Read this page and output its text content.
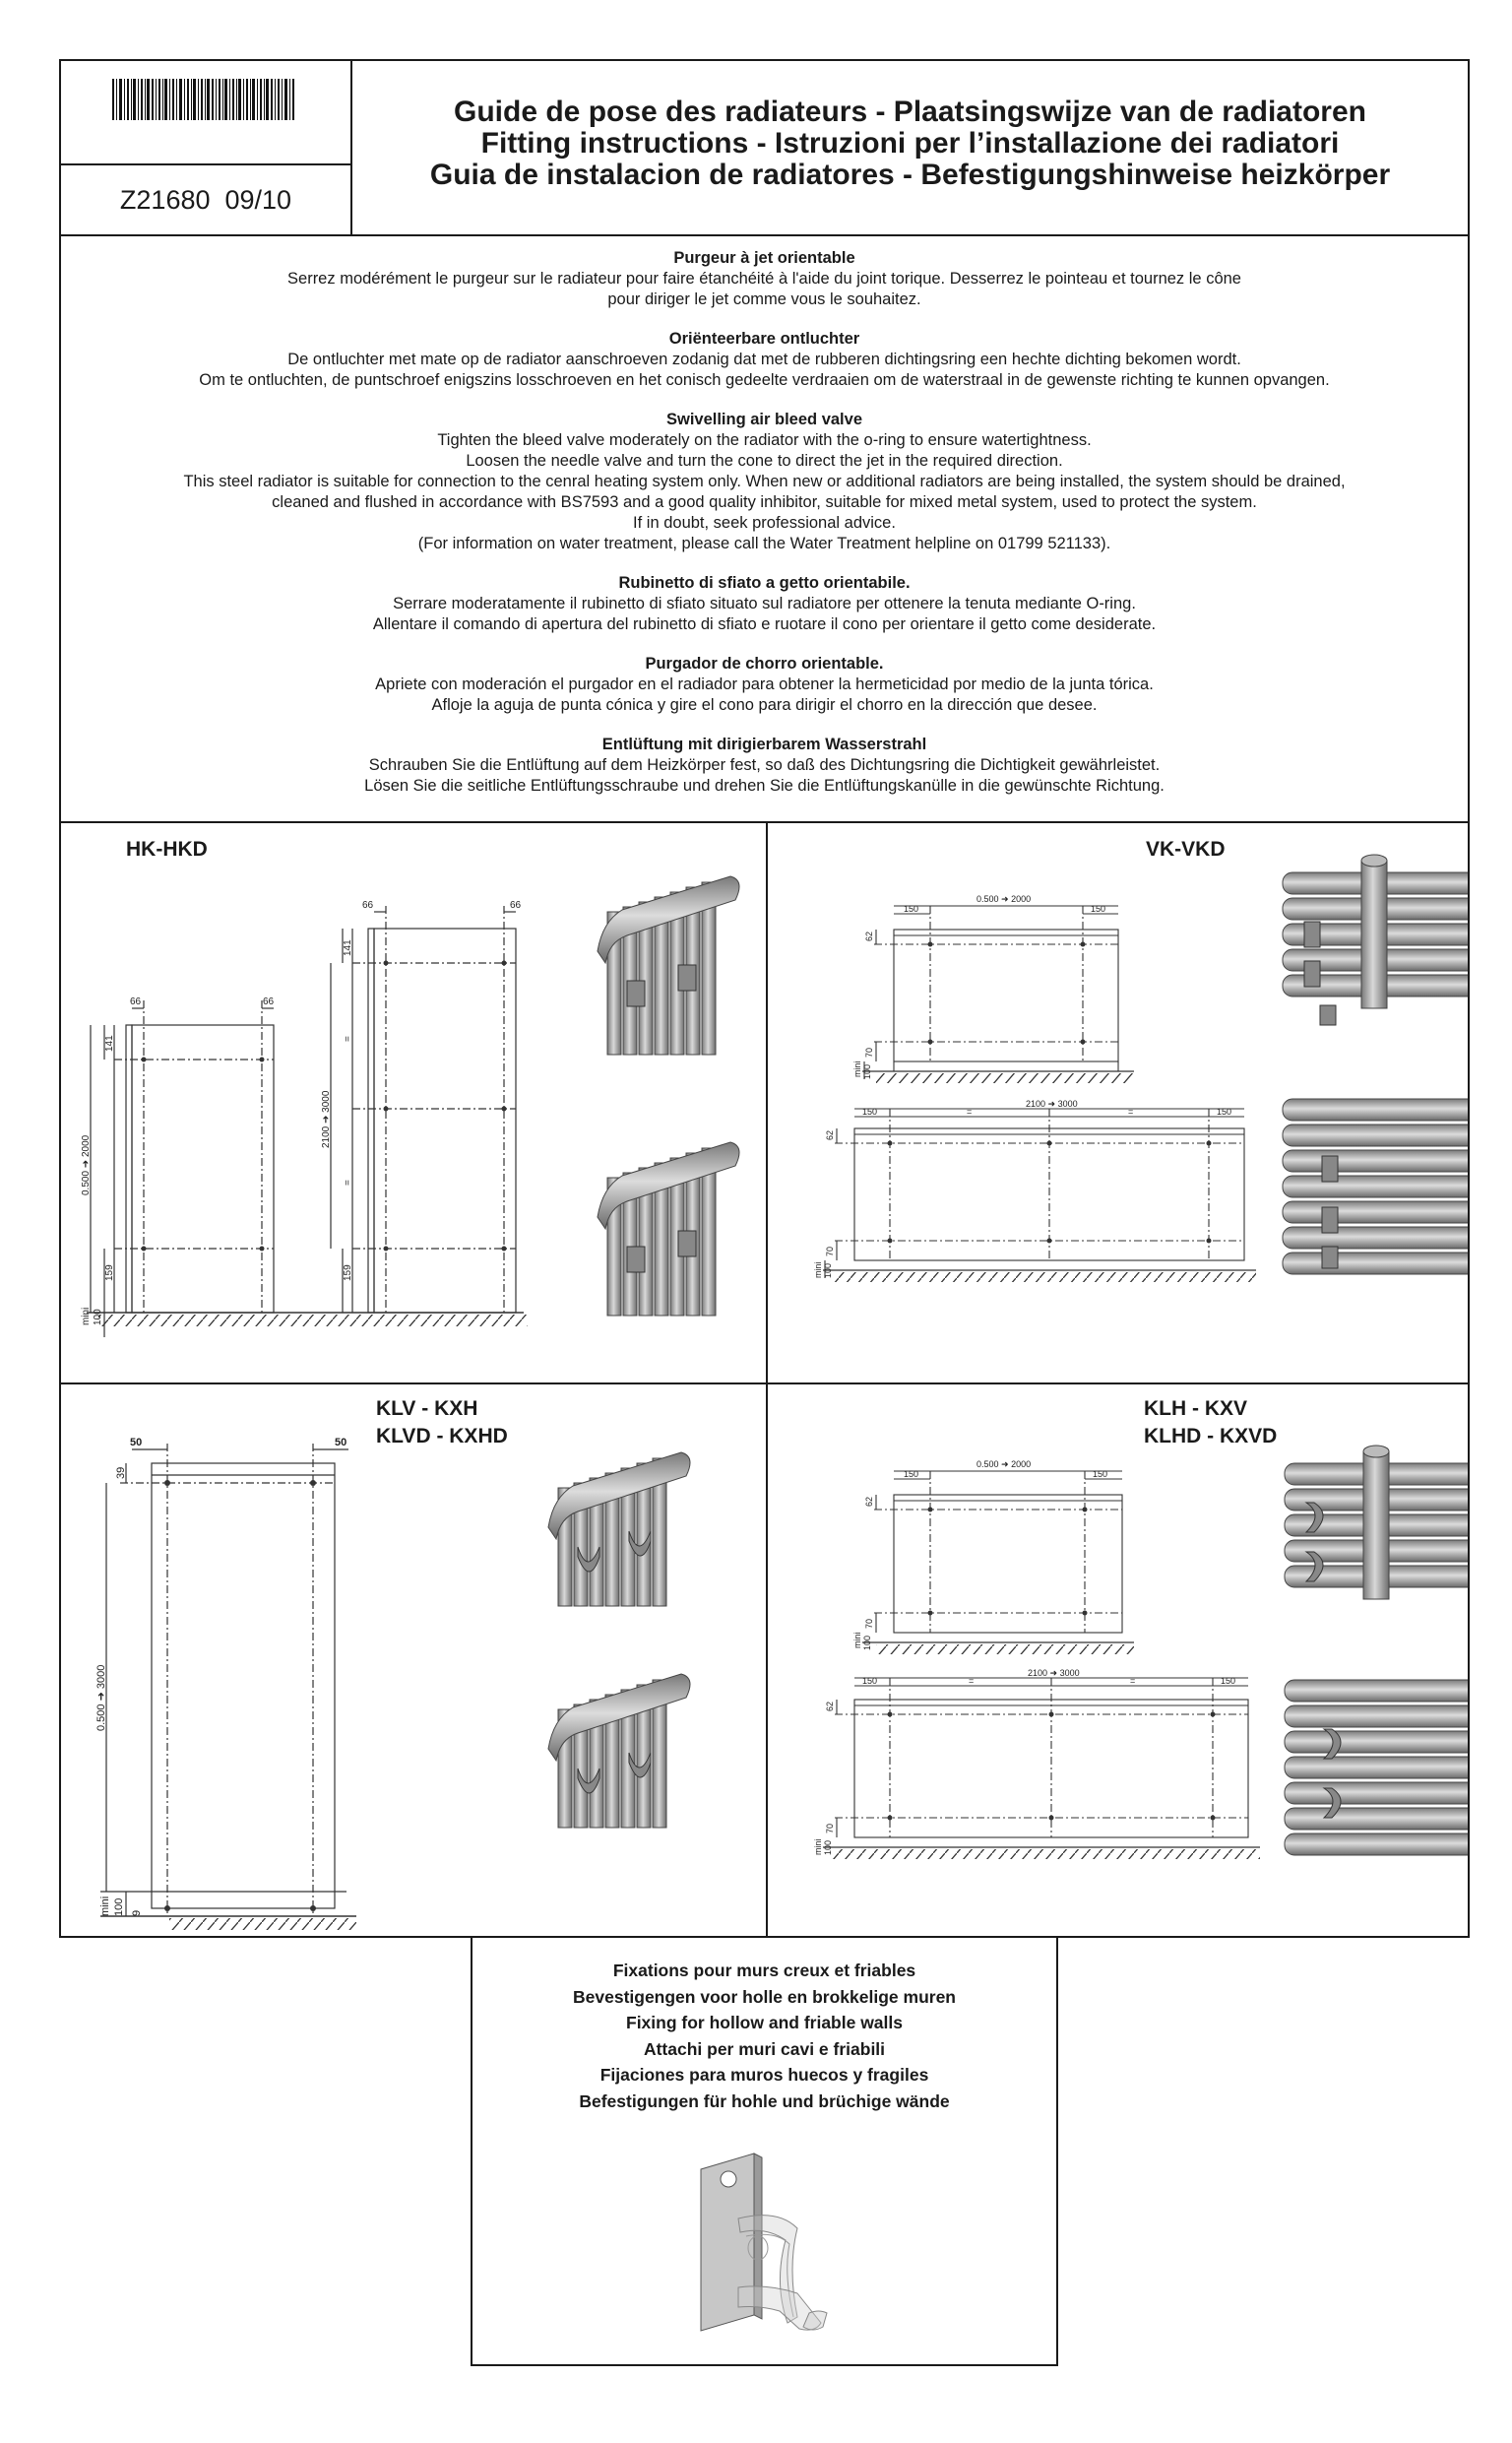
Z21680  09/10
Guide de pose des radiateurs - Plaatsingswijze van de radiatoren
Fitting instructions - Istruzioni per l’installazione dei radiatori
Guia de instalacion de radiatores - Befestigungshinweise heizkörper

Purgeur à jet orientable

Serrez modérément le purgeur sur le radiateur pour faire étanchéité à l'aide du joint torique. Desserrez le pointeau et tournez le cône

pour diriger le jet comme vous le souhaitez.

Oriënteerbare ontluchter

De ontluchter met mate op de radiator aanschroeven zodanig dat met de rubberen dichtingsring een hechte dichting bekomen wordt.

Om te ontluchten, de puntschroef enigszins losschroeven en het conisch gedeelte verdraaien om de waterstraal in de gewenste richting te kunnen opvangen.

Swivelling air bleed valve

Tighten the bleed valve moderately on the radiator with the o-ring to ensure watertightness.

Loosen the needle valve and turn the cone to direct the jet in the required direction.

This steel radiator is suitable for connection to the cenral heating system only. When new or additional radiators are being installed, the system should be drained,

cleaned and flushed in accordance with BS7593 and a good quality inhibitor, suitable for mixed metal system, used to protect the system.

If in doubt, seek professional advice.

(For information on water treatment, please call the Water Treatment helpline on 01799 521133).

Rubinetto di sfiato a getto orientabile.

Serrare moderatamente il rubinetto di sfiato situato sul radiatore per ottenere la tenuta mediante O-ring.

Allentare il comando di apertura del rubinetto di sfiato e ruotare il cono per orientare il getto come desiderate.

Purgador de chorro orientable.

Apriete con moderación el purgador en el radiador para obtener la hermeticidad por medio de la junta tórica.

Afloje la aguja de punta cónica y gire el cono para dirigir el chorro en la dirección que desee.

Entlüftung mit dirigierbarem Wasserstrahl

Schrauben Sie die Entlüftung auf dem Heizkörper fest, so daß des Dichtungsring die Dichtigkeit gewährleistet.

Lösen Sie die seitliche Entlüftungsschraube und drehen Sie die Entlüftungskanülle in die gewünschte Richtung.

HK-HKD
66	66
66	66
141
159
0.500 ➜ 2000
mini 100
141
=
=
159
2100 ➜ 3000
VK-VKD
0.500 ➜ 2000
150	150
62
70
mini 100
2100 ➜ 3000
150	=	=	150
62
70
mini 100
KLV - KXH
KLVD - KXHD
50	50
39
0.500 ➜ 3000
mini 100 9
KLH - KXV
KLHD - KXVD
0.500 ➜ 2000
150	150
62
70
mini 100
2100 ➜ 3000
150	=	=	150
62
70
mini 100
Fixations pour murs creux et friables
Bevestigengen voor holle en brokkelige muren
Fixing for hollow and friable walls
Attachi per muri cavi e friabili
Fijaciones para muros huecos y fragiles
Befestigungen für hohle und brüchige wände
